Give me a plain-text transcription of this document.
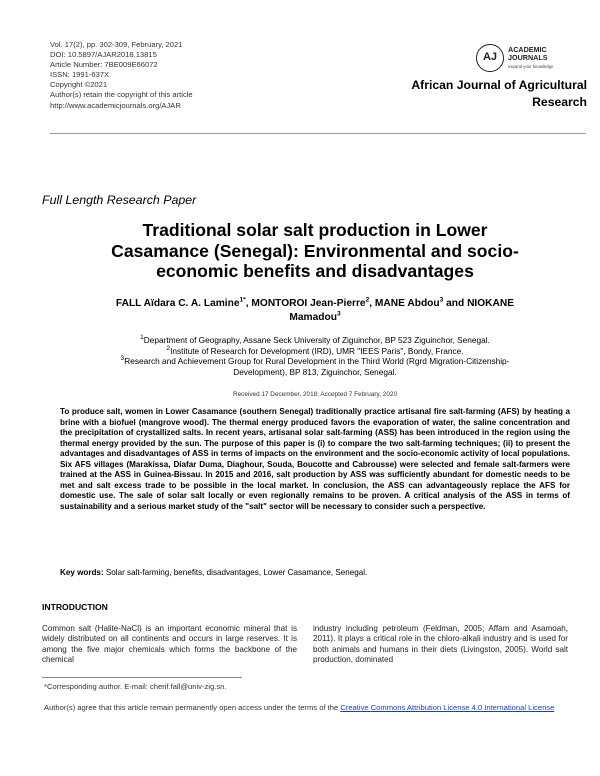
Vol. 17(2), pp. 302-309, February, 2021
DOI: 10.5897/AJAR2018.13815
Article Number: 7BE009E66072
ISSN: 1991-637X
Copyright ©2021
Author(s) retain the copyright of this article
http://www.academicjournals.org/AJAR
AJ
ACADEMIC
JOURNALS
expand your knowledge
African Journal of Agricultural
Research
Full Length Research Paper
Traditional solar salt production in Lower
Casamance (Senegal): Environmental and socio-
economic benefits and disadvantages
FALL Aïdara C. A. Lamine$^{1*}$, MONTOROI Jean-Pierre$^2$, MANE Abdou$^3$ and NIOKANE
Mamadou$^3$
$^1$Department of Geography, Assane Seck University of Ziguinchor, BP 523 Ziguinchor, Senegal.
$^2$Institute of Research for Development (IRD), UMR "IEES Paris", Bondy, France.
$^3$Research and Achievement Group for Rural Development in the Third World (Rgrd Migration-Citizenship-
Development), BP 813, Ziguinchor, Senegal.
Received 17 December, 2018; Accepted 7 February, 2020
To produce salt, women in Lower Casamance (southern Senegal) traditionally practice artisanal fire salt-farming (AFS) by heating a brine with a biofuel (mangrove wood). The thermal energy produced favors the evaporation of water, the saline concentration and the precipitation of crystallized salts. In recent years, artisanal solar salt-farming (ASS) has been introduced in the region using the thermal energy provided by the sun. The purpose of this paper is (i) to compare the two salt-farming techniques; (ii) to present the advantages and disadvantages of ASS in terms of impacts on the environment and the socio-economic activity of local populations. Six AFS villages (Marakissa, Diafar Duma, Diaghour, Souda, Boucotte and Cabrousse) were selected and female salt-farmers were trained at the ASS in Guinea-Bissau. In 2015 and 2016, salt production by ASS was sufficiently abundant for domestic needs to be met and salt excess trade to be possible in the local market. In conclusion, the ASS can advantageously replace the AFS for domestic use. The sale of solar salt locally or even regionally remains to be proven. A critical analysis of the ASS in terms of sustainability and a serious market study of the "salt" sector will be necessary to consider such a perspective.
Key words: Solar salt-farming, benefits, disadvantages, Lower Casamance, Senegal.
INTRODUCTION
Common salt (Halite-NaCl) is an important economic mineral that is widely distributed on all continents and occurs in large reserves. It is among the five major chemicals which forms the backbone of the chemical
industry including petroleum (Feldman, 2005; Affam and Asamoah, 2011). It plays a critical role in the chloro-alkali industry and is used for both animals and humans in their diets (Livingston, 2005). World salt production, dominated
*Corresponding author. E-mail: cherif.fall@univ-zig.sn.
Author(s) agree that this article remain permanently open access under the terms of the Creative Commons Attribution License 4.0 International License
